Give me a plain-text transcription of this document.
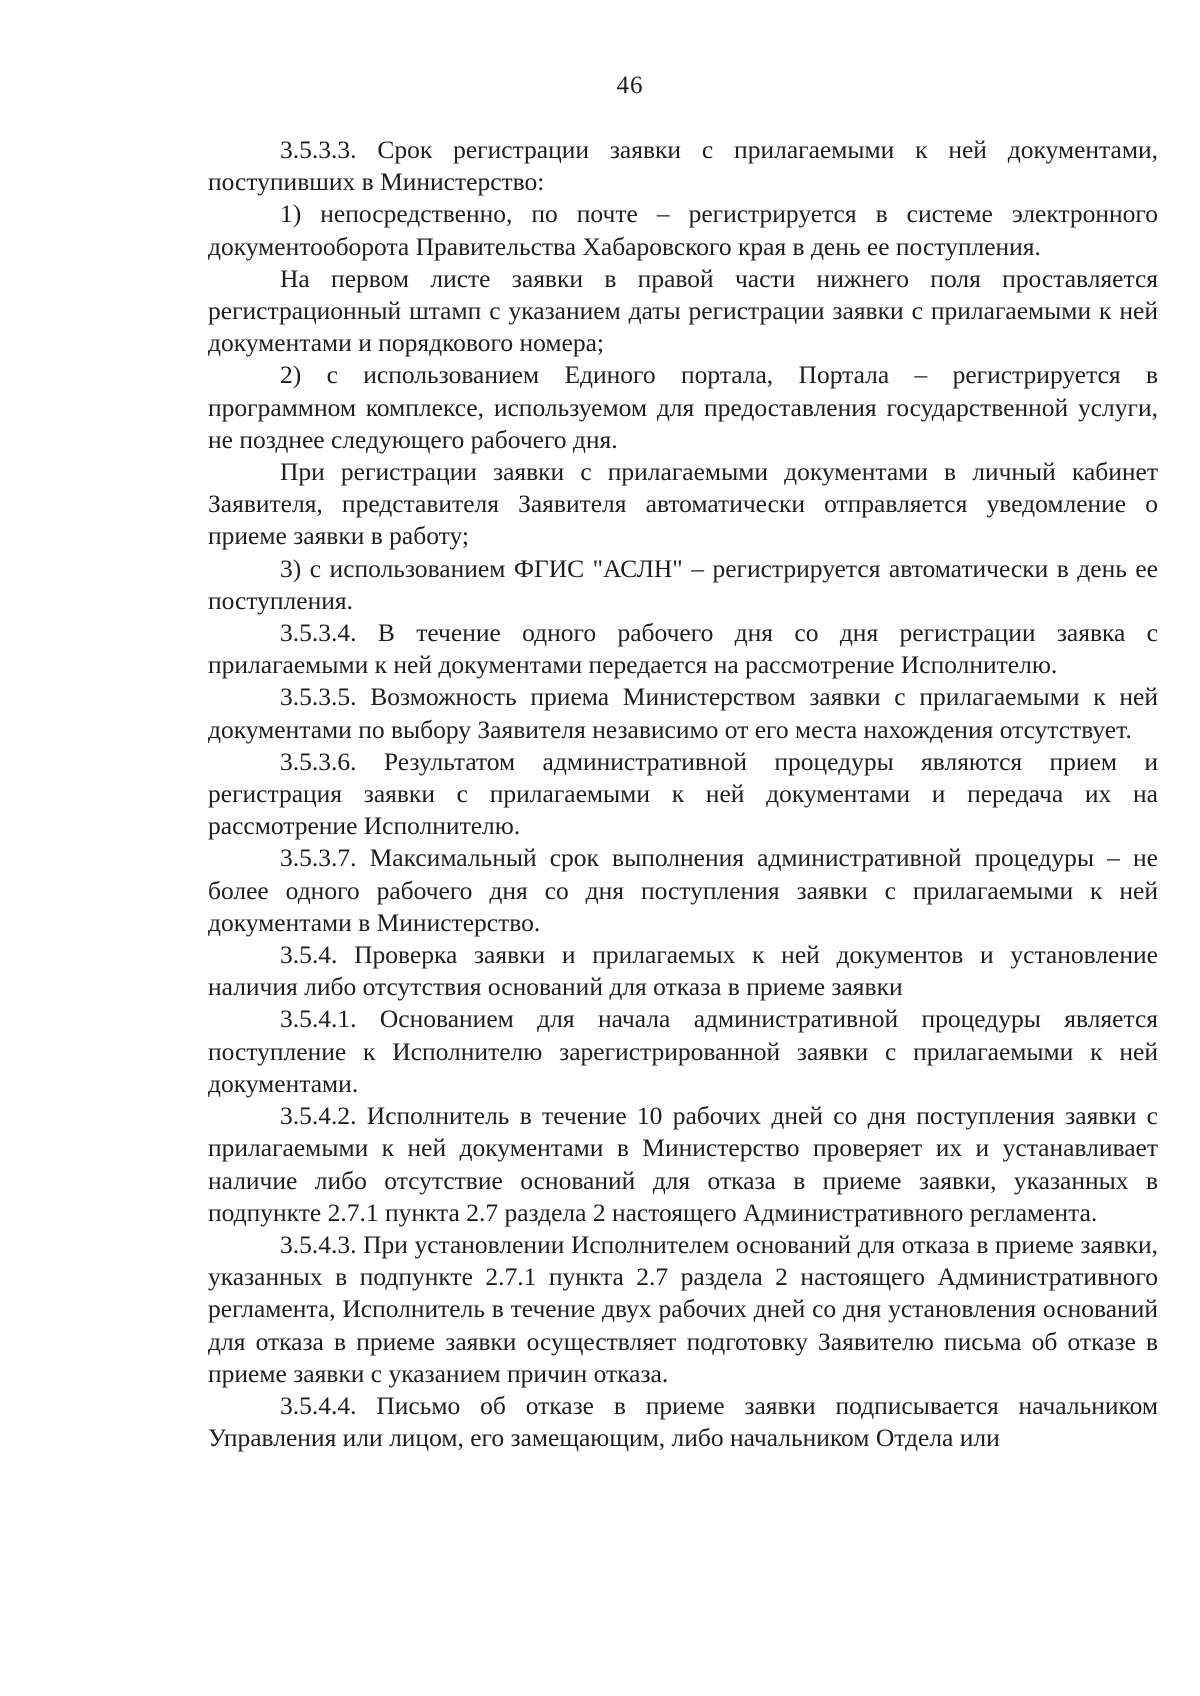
46

3.5.3.3. Срок регистрации заявки с прилагаемыми к ней документами, поступивших в Министерство:

1) непосредственно, по почте – регистрируется в системе электронного документооборота Правительства Хабаровского края в день ее поступления.

На первом листе заявки в правой части нижнего поля проставляется регистрационный штамп с указанием даты регистрации заявки с прилагаемыми к ней документами и порядкового номера;

2) с использованием Единого портала, Портала – регистрируется в программном комплексе, используемом для предоставления государственной услуги, не позднее следующего рабочего дня.

При регистрации заявки с прилагаемыми документами в личный кабинет Заявителя, представителя Заявителя автоматически отправляется уведомление о приеме заявки в работу;

3) с использованием ФГИС "АСЛН" – регистрируется автоматически в день ее поступления.

3.5.3.4. В течение одного рабочего дня со дня регистрации заявка с прилагаемыми к ней документами передается на рассмотрение Исполнителю.

3.5.3.5. Возможность приема Министерством заявки с прилагаемыми к ней документами по выбору Заявителя независимо от его места нахождения отсутствует.

3.5.3.6. Результатом административной процедуры являются прием и регистрация заявки с прилагаемыми к ней документами и передача их на рассмотрение Исполнителю.

3.5.3.7. Максимальный срок выполнения административной процедуры – не более одного рабочего дня со дня поступления заявки с прилагаемыми к ней документами в Министерство.

3.5.4. Проверка заявки и прилагаемых к ней документов и установление наличия либо отсутствия оснований для отказа в приеме заявки

3.5.4.1. Основанием для начала административной процедуры является поступление к Исполнителю зарегистрированной заявки с прилагаемыми к ней документами.

3.5.4.2. Исполнитель в течение 10 рабочих дней со дня поступления заявки с прилагаемыми к ней документами в Министерство проверяет их и устанавливает наличие либо отсутствие оснований для отказа в приеме заявки, указанных в подпункте 2.7.1 пункта 2.7 раздела 2 настоящего Административного регламента.

3.5.4.3. При установлении Исполнителем оснований для отказа в приеме заявки, указанных в подпункте 2.7.1 пункта 2.7 раздела 2 настоящего Административного регламента, Исполнитель в течение двух рабочих дней со дня установления оснований для отказа в приеме заявки осуществляет подготовку Заявителю письма об отказе в приеме заявки с указанием причин отказа.

3.5.4.4. Письмо об отказе в приеме заявки подписывается начальником Управления или лицом, его замещающим, либо начальником Отдела или
